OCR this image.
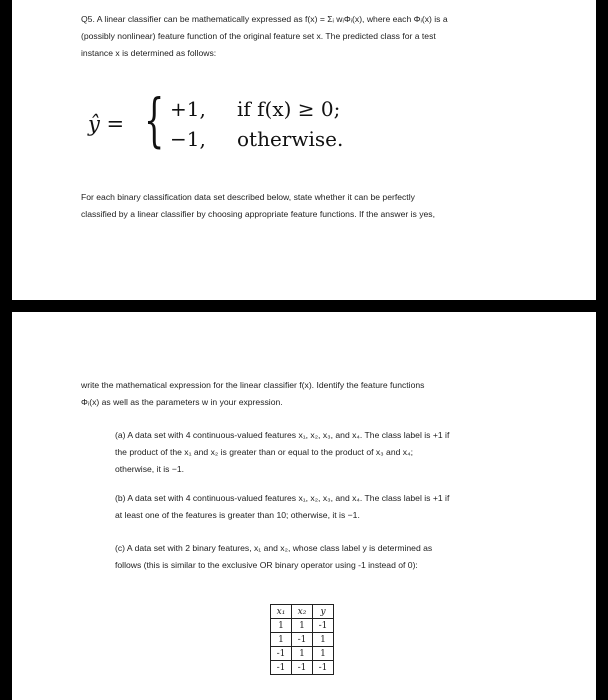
Q5. A linear classifier can be mathematically expressed as f(x) = Σᵢ wᵢΦᵢ(x), where each Φᵢ(x) is a
(possibly nonlinear) feature function of the original feature set x. The predicted class for a test
instance x is determined as follows:
ŷ = { +1, if f(x) ≥ 0;
−1, otherwise.
For each binary classification data set described below, state whether it can be perfectly
classified by a linear classifier by choosing appropriate feature functions. If the answer is yes,
write the mathematical expression for the linear classifier f(x). Identify the feature functions
Φᵢ(x) as well as the parameters w in your expression.
(a) A data set with 4 continuous-valued features x₁, x₂, x₃, and x₄. The class label is +1 if
the product of the x₁ and x₂ is greater than or equal to the product of x₃ and x₄;
otherwise, it is −1.
(b) A data set with 4 continuous-valued features x₁, x₂, x₃, and x₄. The class label is +1 if
at least one of the features is greater than 10; otherwise, it is −1.
(c) A data set with 2 binary features, x₁ and x₂, whose class label y is determined as
follows (this is similar to the exclusive OR binary operator using -1 instead of 0):
x₁	x₂	y
1	1	-1
1	-1	1
-1	1	1
-1	-1	-1
